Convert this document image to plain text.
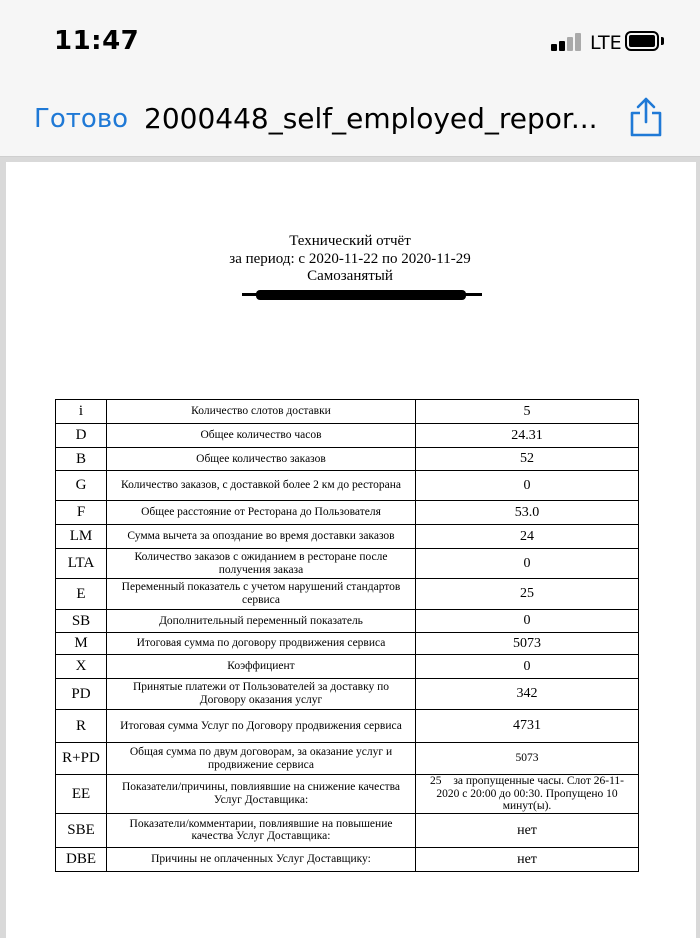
11:47	LTE
Готово 2000448_self_employed_repor...
Технический отчёт
за период: с 2020-11-22 по 2020-11-29
Самозанятый
i	Количество слотов доставки	5
D	Общее количество часов	24.31
B	Общее количество заказов	52
G	Количество заказов, с доставкой более 2 км до ресторана	0
F	Общее расстояние от Ресторана до Пользователя	53.0
LM	Сумма вычета за опоздание во время доставки заказов	24
LTA	Количество заказов с ожиданием в ресторане после получения заказа	0
E	Переменный показатель с учетом нарушений стандартов сервиса	25
SB	Дополнительный переменный показатель	0
M	Итоговая сумма по договору продвижения сервиса	5073
X	Коэффициент	0
PD	Принятые платежи от Пользователей за доставку по Договору оказания услуг	342
R	Итоговая сумма Услуг по Договору продвижения сервиса	4731
R+PD	Общая сумма по двум договорам, за оказание услуг и продвижение сервиса	5073
EE	Показатели/причины, повлиявшие на снижение качества Услуг Доставщика:	25⃞ за пропущенные часы. Слот 26-11-2020 с 20:00 до 00:30. Пропущено 10 минут(ы).
SBE	Показатели/комментарии, повлиявшие на повышение качества Услуг Доставщика:	нет
DBE	Причины не оплаченных Услуг Доставщику:	нет
